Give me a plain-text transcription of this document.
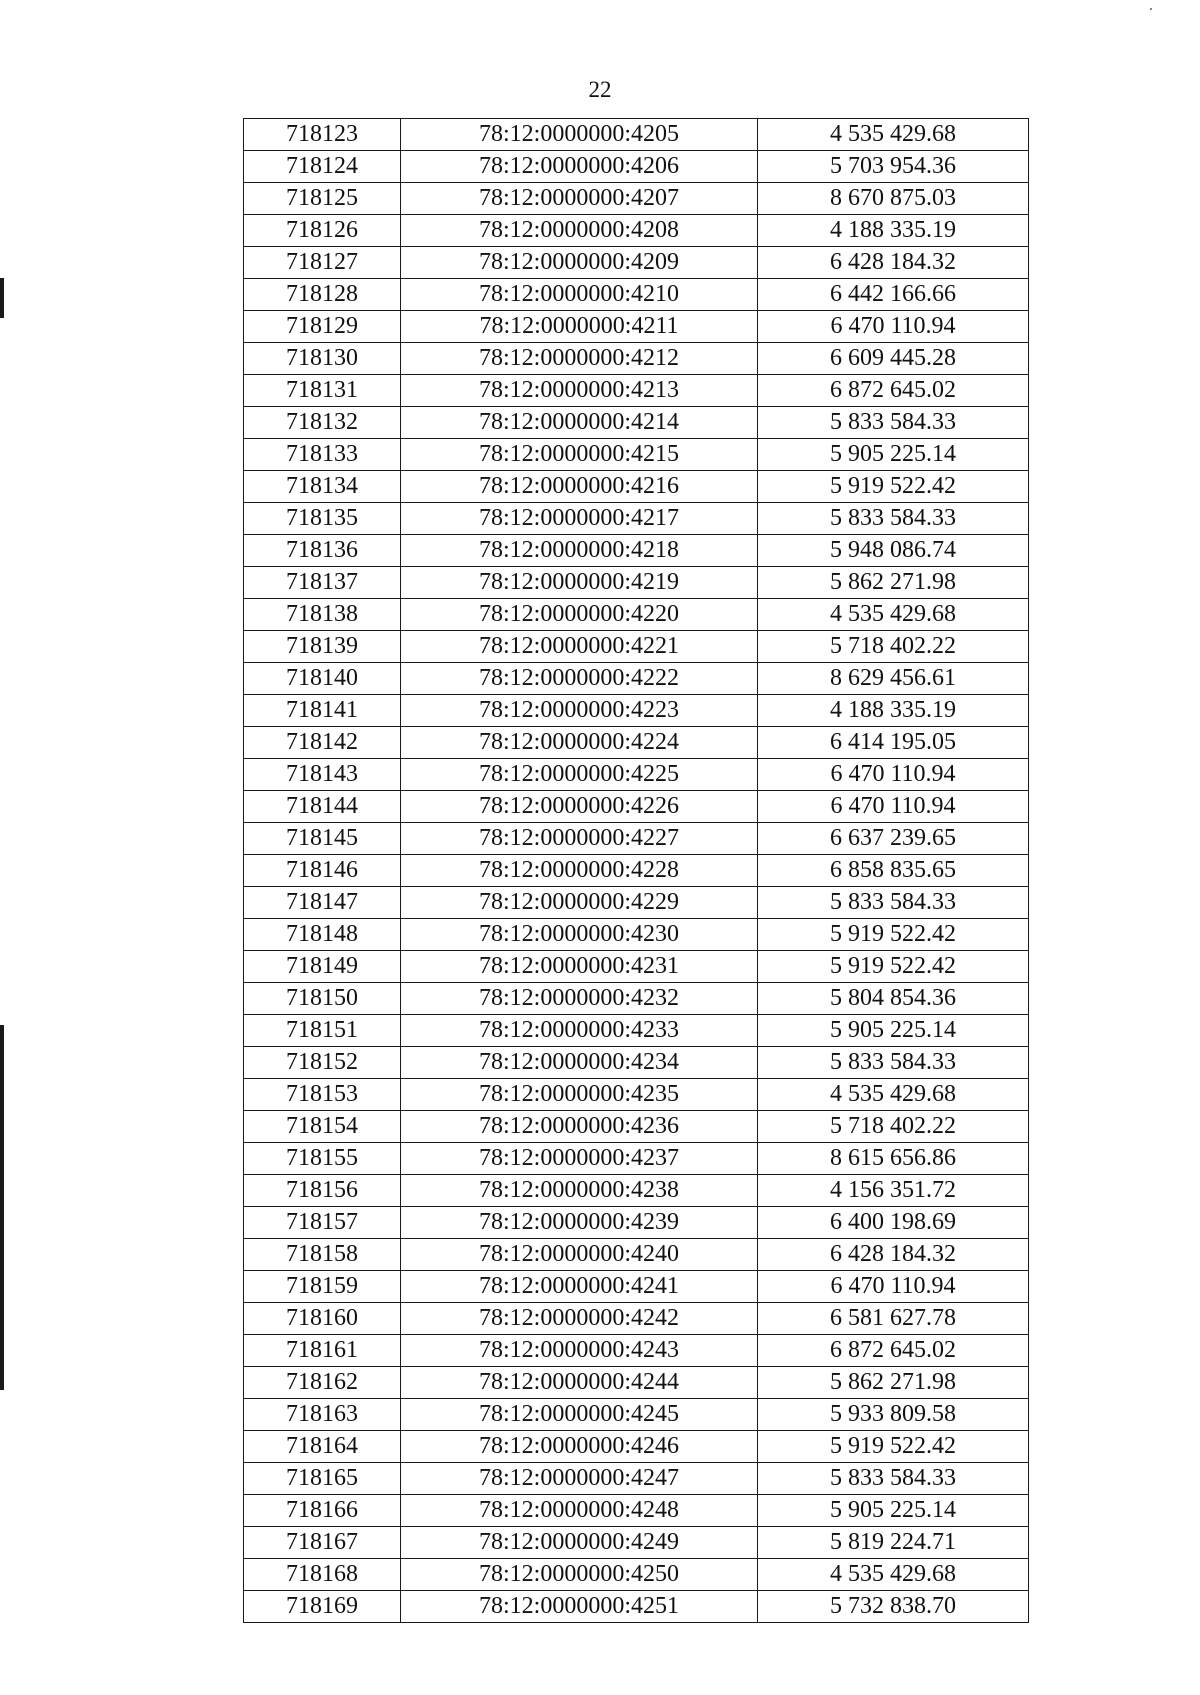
22
718123	78:12:0000000:4205	4 535 429.68
718124	78:12:0000000:4206	5 703 954.36
718125	78:12:0000000:4207	8 670 875.03
718126	78:12:0000000:4208	4 188 335.19
718127	78:12:0000000:4209	6 428 184.32
718128	78:12:0000000:4210	6 442 166.66
718129	78:12:0000000:4211	6 470 110.94
718130	78:12:0000000:4212	6 609 445.28
718131	78:12:0000000:4213	6 872 645.02
718132	78:12:0000000:4214	5 833 584.33
718133	78:12:0000000:4215	5 905 225.14
718134	78:12:0000000:4216	5 919 522.42
718135	78:12:0000000:4217	5 833 584.33
718136	78:12:0000000:4218	5 948 086.74
718137	78:12:0000000:4219	5 862 271.98
718138	78:12:0000000:4220	4 535 429.68
718139	78:12:0000000:4221	5 718 402.22
718140	78:12:0000000:4222	8 629 456.61
718141	78:12:0000000:4223	4 188 335.19
718142	78:12:0000000:4224	6 414 195.05
718143	78:12:0000000:4225	6 470 110.94
718144	78:12:0000000:4226	6 470 110.94
718145	78:12:0000000:4227	6 637 239.65
718146	78:12:0000000:4228	6 858 835.65
718147	78:12:0000000:4229	5 833 584.33
718148	78:12:0000000:4230	5 919 522.42
718149	78:12:0000000:4231	5 919 522.42
718150	78:12:0000000:4232	5 804 854.36
718151	78:12:0000000:4233	5 905 225.14
718152	78:12:0000000:4234	5 833 584.33
718153	78:12:0000000:4235	4 535 429.68
718154	78:12:0000000:4236	5 718 402.22
718155	78:12:0000000:4237	8 615 656.86
718156	78:12:0000000:4238	4 156 351.72
718157	78:12:0000000:4239	6 400 198.69
718158	78:12:0000000:4240	6 428 184.32
718159	78:12:0000000:4241	6 470 110.94
718160	78:12:0000000:4242	6 581 627.78
718161	78:12:0000000:4243	6 872 645.02
718162	78:12:0000000:4244	5 862 271.98
718163	78:12:0000000:4245	5 933 809.58
718164	78:12:0000000:4246	5 919 522.42
718165	78:12:0000000:4247	5 833 584.33
718166	78:12:0000000:4248	5 905 225.14
718167	78:12:0000000:4249	5 819 224.71
718168	78:12:0000000:4250	4 535 429.68
718169	78:12:0000000:4251	5 732 838.70
